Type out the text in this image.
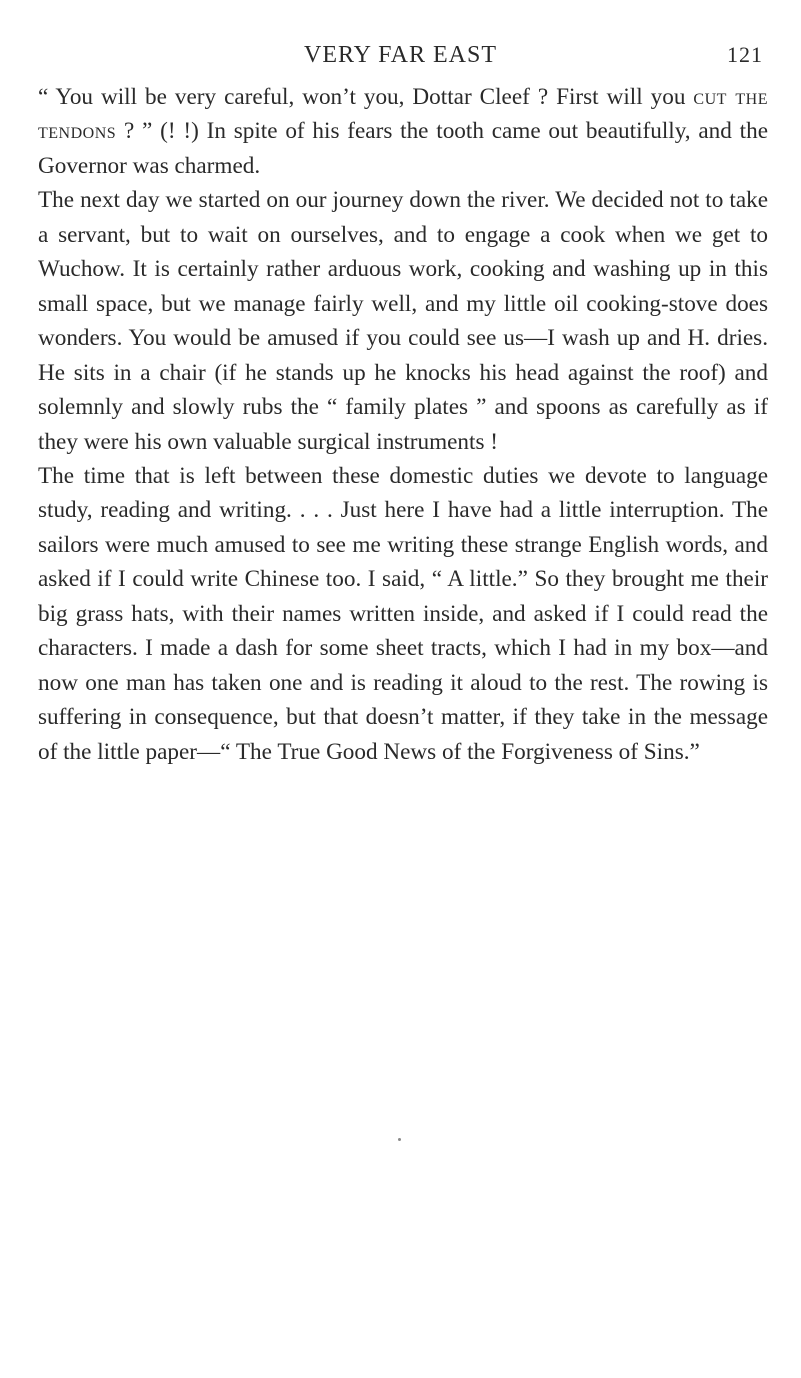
VERY FAR EAST	121

“ You will be very careful, won’t you, Dottar Cleef ? First will you cut the tendons ? ” (! !) In spite of his fears the tooth came out beautifully, and the Governor was charmed.

The next day we started on our journey down the river. We decided not to take a servant, but to wait on ourselves, and to engage a cook when we get to Wuchow. It is certainly rather arduous work, cooking and washing up in this small space, but we manage fairly well, and my little oil cooking-stove does wonders. You would be amused if you could see us—I wash up and H. dries. He sits in a chair (if he stands up he knocks his head against the roof) and solemnly and slowly rubs the “ family plates ” and spoons as carefully as if they were his own valuable surgical instruments !

The time that is left between these domestic duties we devote to language study, reading and writing. . . . Just here I have had a little interruption. The sailors were much amused to see me writing these strange English words, and asked if I could write Chinese too. I said, “ A little.” So they brought me their big grass hats, with their names written inside, and asked if I could read the characters. I made a dash for some sheet tracts, which I had in my box—and now one man has taken one and is reading it aloud to the rest. The rowing is suffering in consequence, but that doesn’t matter, if they take in the message of the little paper—“ The True Good News of the Forgiveness of Sins.”
